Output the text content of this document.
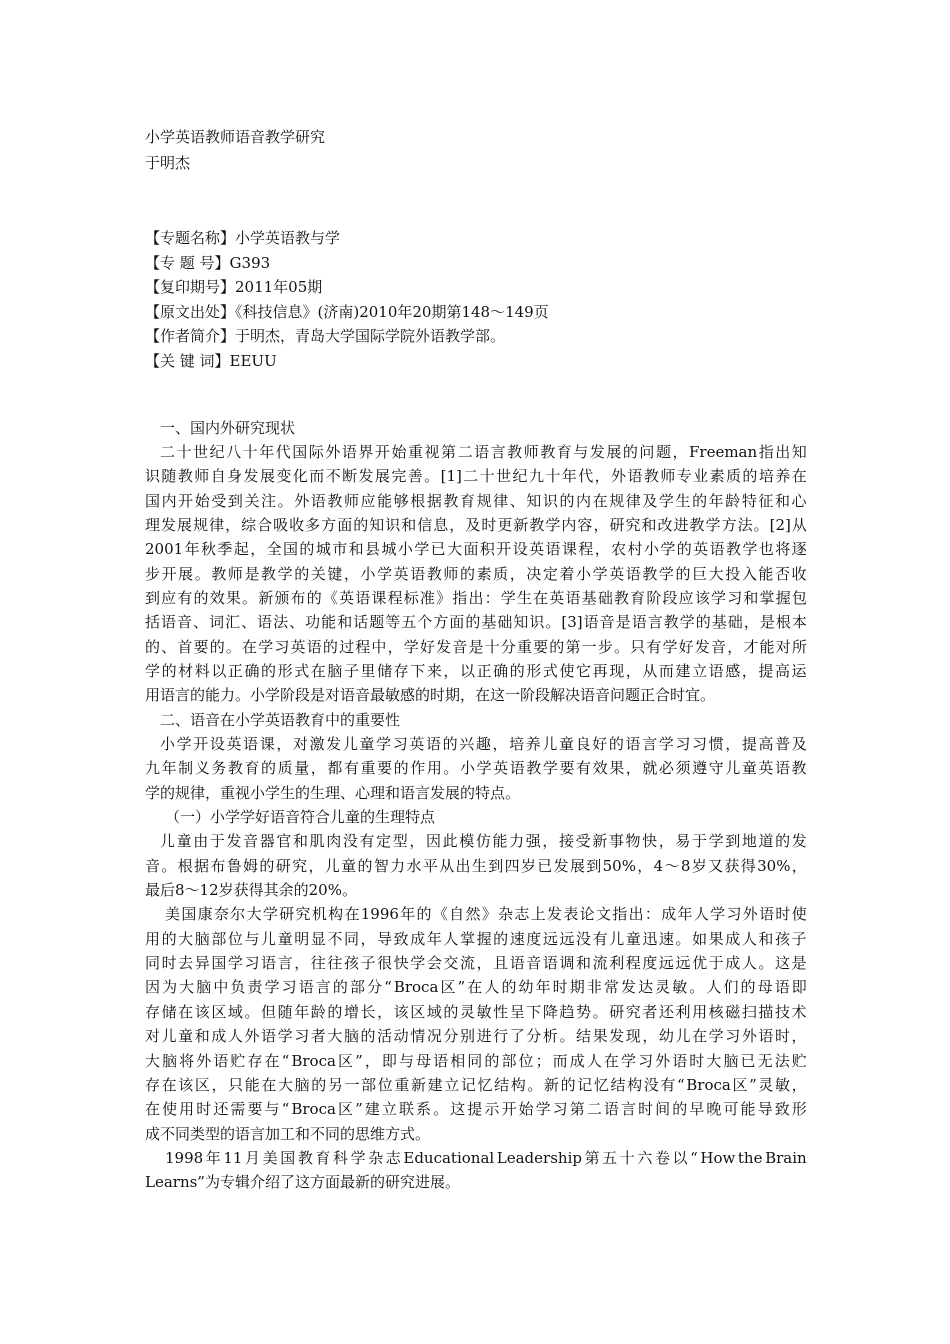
小学英语教师语音教学研究
于明杰
【专题名称】小学英语教与学
【专 题 号】G393
【复印期号】2011年05期
【原文出处】《科技信息》(济南)2010年20期第148～149页
【作者简介】于明杰，青岛大学国际学院外语教学部。
【关 键 词】EEUU
一、国内外研究现状
二 十 世 纪 八 十 年 代 国 际 外 语 界 开 始 重 视 第 二 语 言 教 师 教 育 与 发 展 的 问 题 ， Freeman 指 出 知
识 随 教 师 自 身 发 展 变 化 而 不 断 发 展 完 善 。 [1] 二 十 世 纪 九 十 年 代 ， 外 语 教 师 专 业 素 质 的 培 养 在
国 内 开 始 受 到 关 注 。 外 语 教 师 应 能 够 根 据 教 育 规 律 、 知 识 的 内 在 规 律 及 学 生 的 年 龄 特 征 和 心
理 发 展 规 律 ， 综 合 吸 收 多 方 面 的 知 识 和 信 息 ， 及 时 更 新 教 学 内 容 ， 研 究 和 改 进 教 学 方 法 。 [2] 从
2001 年 秋 季 起 ， 全 国 的 城 市 和 县 城 小 学 已 大 面 积 开 设 英 语 课 程 ， 农 村 小 学 的 英 语 教 学 也 将 逐
步 开 展 。 教 师 是 教 学 的 关 键 ， 小 学 英 语 教 师 的 素 质 ， 决 定 着 小 学 英 语 教 学 的 巨 大 投 入 能 否 收
到 应 有 的 效 果 。 新 颁 布 的 《 英 语 课 程 标 准 》 指 出 ： 学 生 在 英 语 基 础 教 育 阶 段 应 该 学 习 和 掌 握 包
括 语 音 、 词 汇 、 语 法 、 功 能 和 话 题 等 五 个 方 面 的 基 础 知 识 。 [3] 语 音 是 语 言 教 学 的 基 础 ， 是 根 本
的 、 首 要 的 。 在 学 习 英 语 的 过 程 中 ， 学 好 发 音 是 十 分 重 要 的 第 一 步 。 只 有 学 好 发 音 ， 才 能 对 所
学 的 材 料 以 正 确 的 形 式 在 脑 子 里 储 存 下 来 ， 以 正 确 的 形 式 使 它 再 现 ， 从 而 建 立 语 感 ， 提 高 运
用语言的能力。小学阶段是对语音最敏感的时期，在这一阶段解决语音问题正合时宜。
二、语音在小学英语教育中的重要性
小 学 开 设 英 语 课 ， 对 激 发 儿 童 学 习 英 语 的 兴 趣 ， 培 养 儿 童 良 好 的 语 言 学 习 习 惯 ， 提 高 普 及
九 年 制 义 务 教 育 的 质 量 ， 都 有 重 要 的 作 用 。 小 学 英 语 教 学 要 有 效 果 ， 就 必 须 遵 守 儿 童 英 语 教
学的规律，重视小学生的生理、心理和语言发展的特点。
（一）小学学好语音符合儿童的生理特点
儿 童 由 于 发 音 器 官 和 肌 肉 没 有 定 型 ， 因 此 模 仿 能 力 强 ， 接 受 新 事 物 快 ， 易 于 学 到 地 道 的 发
音 。 根 据 布 鲁 姆 的 研 究 ， 儿 童 的 智 力 水 平 从 出 生 到 四 岁 已 发 展 到 50% ， 4 ～ 8 岁 又 获 得 30% ，
最后8～12岁获得其余的20%。
美 国 康 奈 尔 大 学 研 究 机 构 在 1996 年 的 《 自 然 》 杂 志 上 发 表 论 文 指 出 ： 成 年 人 学 习 外 语 时 使
用 的 大 脑 部 位 与 儿 童 明 显 不 同 ， 导 致 成 年 人 掌 握 的 速 度 远 远 没 有 儿 童 迅 速 。 如 果 成 人 和 孩 子
同 时 去 异 国 学 习 语 言 ， 往 往 孩 子 很 快 学 会 交 流 ， 且 语 音 语 调 和 流 利 程 度 远 远 优 于 成 人 。 这 是
因 为 大 脑 中 负 责 学 习 语 言 的 部 分 “ Broca 区 ” 在 人 的 幼 年 时 期 非 常 发 达 灵 敏 。 人 们 的 母 语 即
存 储 在 该 区 域 。 但 随 年 龄 的 增 长 ， 该 区 域 的 灵 敏 性 呈 下 降 趋 势 。 研 究 者 还 利 用 核 磁 扫 描 技 术
对 儿 童 和 成 人 外 语 学 习 者 大 脑 的 活 动 情 况 分 别 进 行 了 分 析 。 结 果 发 现 ， 幼 儿 在 学 习 外 语 时 ，
大 脑 将 外 语 贮 存 在 “ Broca 区 ” ， 即 与 母 语 相 同 的 部 位 ； 而 成 人 在 学 习 外 语 时 大 脑 已 无 法 贮
存 在 该 区 ， 只 能 在 大 脑 的 另 一 部 位 重 新 建 立 记 忆 结 构 。 新 的 记 忆 结 构 没 有 “ Broca 区 ” 灵 敏 ，
在 使 用 时 还 需 要 与 “ Broca 区 ” 建 立 联 系 。 这 提 示 开 始 学 习 第 二 语 言 时 间 的 早 晚 可 能 导 致 形
成不同类型的语言加工和不同的思维方式。
1998 年 11 月 美 国 教 育 科 学 杂 志 Educational Leadership 第 五 十 六 卷 以 “ How the Brain
Learns”为专辑介绍了这方面最新的研究进展。
